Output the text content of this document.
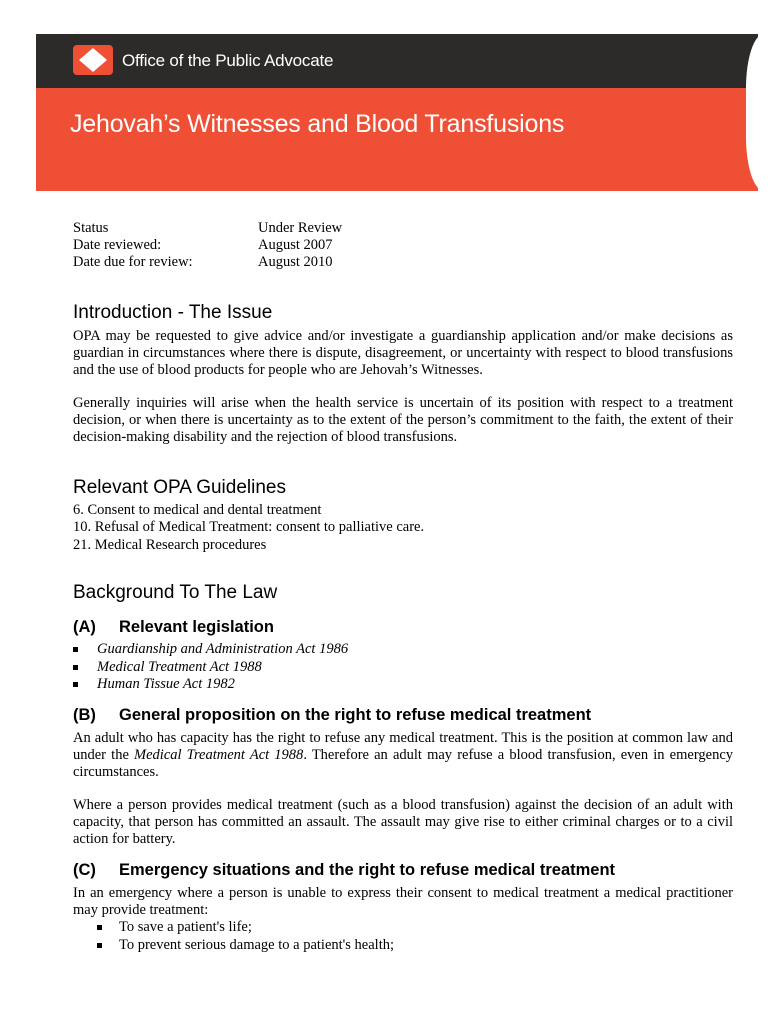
Office of the Public Advocate
Jehovah’s Witnesses and Blood Transfusions
Status	Under Review
Date reviewed:	August 2007
Date due for review:	August 2010
Introduction - The Issue

OPA may be requested to give advice and/or investigate a guardianship application and/or make decisions as guardian in circumstances where there is dispute, disagreement, or uncertainty with respect to blood transfusions and the use of blood products for people who are Jehovah’s Witnesses.

Generally inquiries will arise when the health service is uncertain of its position with respect to a treatment decision, or when there is uncertainty as to the extent of the person’s commitment to the faith, the extent of their decision-making disability and the rejection of blood transfusions.

Relevant OPA Guidelines
6. Consent to medical and dental treatment
10. Refusal of Medical Treatment: consent to palliative care.
21. Medical Research procedures
Background To The Law
(A) Relevant legislation
Guardianship and Administration Act 1986
Medical Treatment Act 1988
Human Tissue Act 1982
(B) General proposition on the right to refuse medical treatment

An adult who has capacity has the right to refuse any medical treatment. This is the position at common law and under the Medical Treatment Act 1988. Therefore an adult may refuse a blood transfusion, even in emergency circumstances.

Where a person provides medical treatment (such as a blood transfusion) against the decision of an adult with capacity, that person has committed an assault. The assault may give rise to either criminal charges or to a civil action for battery.

(C) Emergency situations and the right to refuse medical treatment

In an emergency where a person is unable to express their consent to medical treatment a medical practitioner may provide treatment:

To save a patient's life;
To prevent serious damage to a patient's health;
